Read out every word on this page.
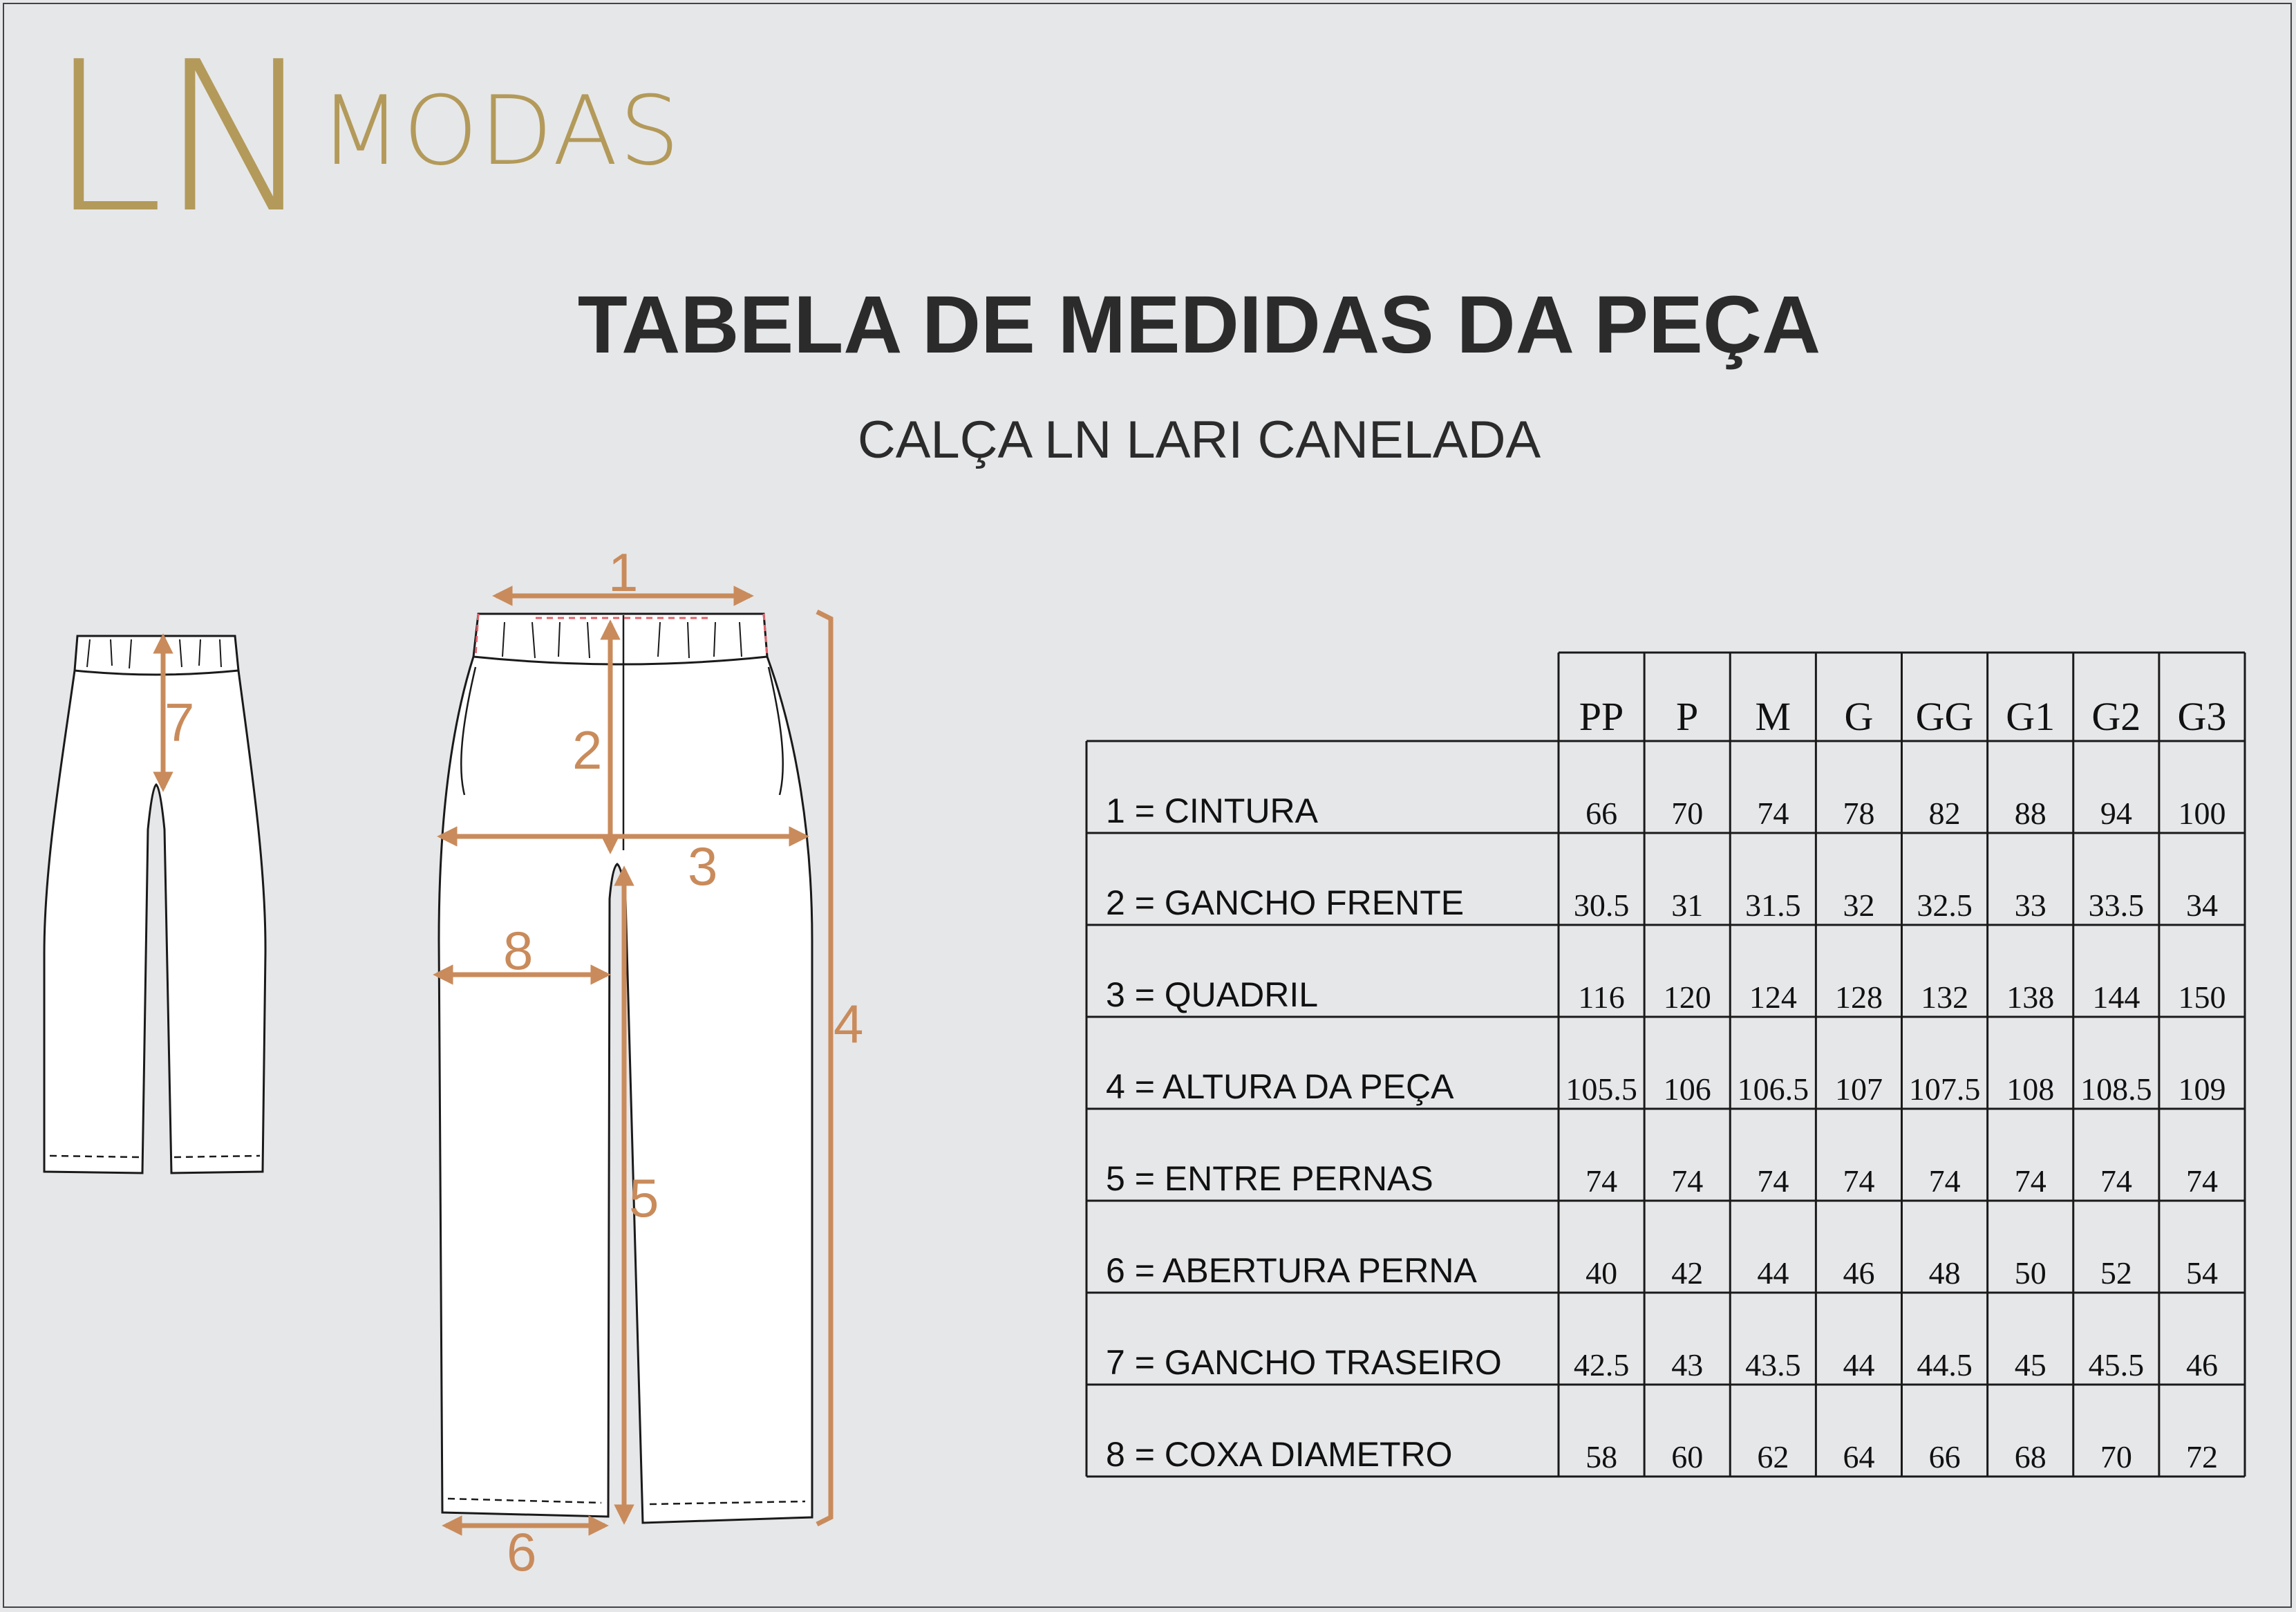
LN MODAS
TABELA DE MEDIDAS DA PEÇA
CALÇA LN LARI CANELADA
1
2
3
4
5
6
7
8
PP P M G GG G1 G2 G3
1 = CINTURA	66 70 74 78 82 88 94 100
2 = GANCHO FRENTE	30.5 31 31.5 32 32.5 33 33.5 34
3 = QUADRIL	116 120 124 128 132 138 144 150
4 = ALTURA DA PEÇA	105.5 106 106.5 107 107.5 108 108.5 109
5 = ENTRE PERNAS	74 74 74 74 74 74 74 74
6 = ABERTURA PERNA	40 42 44 46 48 50 52 54
7 = GANCHO TRASEIRO 42.5 43 43.5 44 44.5 45 45.5 46
8 = COXA DIAMETRO	58 60 62 64 66 68 70 72
